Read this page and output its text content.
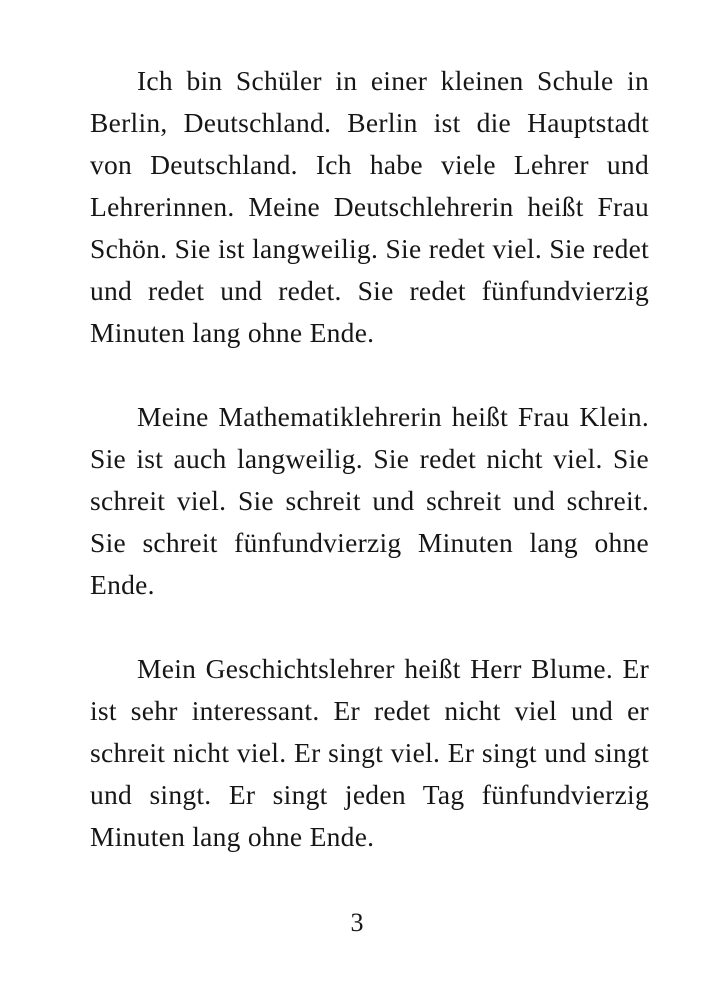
Ich bin Schüler in einer kleinen Schule in Berlin, Deutschland. Berlin ist die Hauptstadt von Deutschland. Ich habe viele Lehrer und Lehrerinnen. Meine Deutschlehrerin heißt Frau Schön. Sie ist langweilig. Sie redet viel. Sie redet und redet und redet. Sie redet fünfundvierzig Minuten lang ohne Ende.

Meine Mathematiklehrerin heißt Frau Klein. Sie ist auch langweilig. Sie redet nicht viel. Sie schreit viel. Sie schreit und schreit und schreit. Sie schreit fünfundvierzig Minuten lang ohne Ende.

Mein Geschichtslehrer heißt Herr Blume. Er ist sehr interessant. Er redet nicht viel und er schreit nicht viel. Er singt viel. Er singt und singt und singt. Er singt jeden Tag fünfundvierzig Minuten lang ohne Ende.

3
